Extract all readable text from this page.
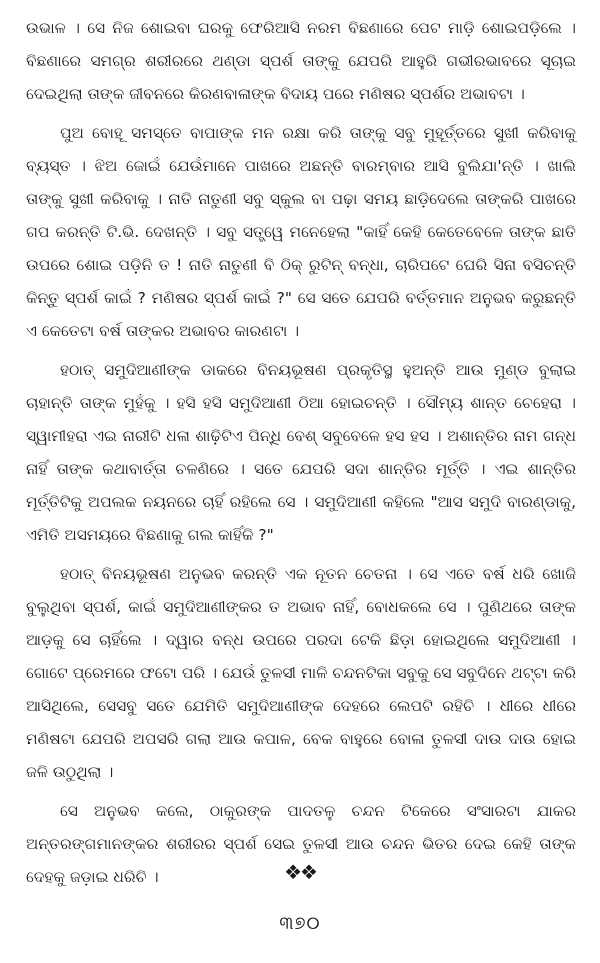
ଉଭାଳ । ସେ ନିଜ ଶୋଇବା ଘରକୁ ଫେରିଆସି ନରମ ବିଛଣାରେ ପେଟ ମାଡ଼ି ଶୋଇପଡ଼ିଲେ । ବିଛଣାରେ ସମଗ୍ର ଶରୀରରେ ଥଣ୍ଡା ସ୍ପର୍ଶ ତାଙ୍କୁ ଯେପରି ଆହୁରି ଗଭୀରଭାବରେ ସୂଚାଇ ଦେଇଥିଲା ତାଙ୍କ ଜୀବନରେ କିରଣବାଳାଙ୍କ ବିଦାୟ ପରେ ମଣିଷର ସ୍ପର୍ଶର ଅଭାବଟା ।

ପୁଅ ବୋହୂ ସମସ୍ତେ ବାପାଙ୍କ ମନ ରକ୍ଷା କରି ତାଙ୍କୁ ସବୁ ମୁହୂର୍ତ୍ତରେ ସୁଖୀ କରିବାକୁ ବ୍ୟସ୍ତ । ଝିଅ ଜୋଇଁ ଯେଉଁମାନେ ପାଖରେ ଅଛନ୍ତି ବାରମ୍ବାର ଆସି ବୁଲିଯା'ନ୍ତି । ଖାଲି ତାଙ୍କୁ ସୁଖୀ କରିବାକୁ । ନାତି ନାତୁଣୀ ସବୁ ସ୍କୁଲ ବା ପଢ଼ା ସମୟ ଛାଡ଼ିଦେଲେ ତାଙ୍କରି ପାଖରେ ଗପ କରନ୍ତି ଟି.ଭି. ଦେଖନ୍ତି । ସବୁ ସତ୍ତ୍ୱେ ମନେହେଲା "କାହିଁ କେହି କେତେବେଳେ ତାଙ୍କ ଛାତି ଉପରେ ଶୋଇ ପଡ଼ିନି ତ ! ନାତି ନାତୁଣୀ ବି ଠିକ୍ ରୁଟିନ୍ ବନ୍ଧା, ଚାରିପଟେ ଘେରି ସିନା ବସିଚନ୍ତି କିନ୍ତୁ ସ୍ପର୍ଶ କାଇଁ ? ମଣିଷର ସ୍ପର୍ଶ କାଇଁ ?" ସେ ସତେ ଯେପରି ବର୍ତ୍ତମାନ ଅନୁଭବ କରୁଛନ୍ତି ଏ କେତେଟା ବର୍ଷ ତାଙ୍କର ଅଭାବର କାରଣଟା ।

ହଠାତ୍ ସମୁଦିଆଣୀଙ୍କ ଡାକରେ ବିନୟଭୂଷଣ ପ୍ରକୃତିସ୍ଥ ହୁଅନ୍ତି ଆଉ ମୁଣ୍ଡ ବୁଲାଇ ଚାହାନ୍ତି ତାଙ୍କ ମୁହଁକୁ । ହସି ହସି ସମୁଦିଆଣୀ ଠିଆ ହୋଇଚନ୍ତି । ସୌମ୍ୟ ଶାନ୍ତ ଚେହେରା । ସ୍ୱାମୀହରା ଏଇ ନାରୀଟି ଧଳା ଶାଢ଼ିଟିଏ ପିନ୍ଧି ବେଶ୍ ସବୁବେଳେ ହସ ହସ । ଅଶାନ୍ତିର ନାମ ଗନ୍ଧ ନାହିଁ ତାଙ୍କ କଥାବାର୍ତ୍ତା ଚଳଣିରେ । ସତେ ଯେପରି ସଦା ଶାନ୍ତିର ମୂର୍ତ୍ତି । ଏଇ ଶାନ୍ତିର ମୂର୍ତ୍ତିଟିକୁ ଅପଲକ ନୟନରେ ଚାହିଁ ରହିଲେ ସେ । ସମୁଦିଆଣୀ କହିଲେ "ଆସ ସମୁଦି ବାରଣ୍ଡାକୁ, ଏମିତି ଅସମୟରେ ବିଛଣାକୁ ଗଲ କାହିଁକି ?"

ହଠାତ୍ ବିନୟଭୂଷଣ ଅନୁଭବ କରନ୍ତି ଏକ ନୂତନ ଚେତନା । ସେ ଏତେ ବର୍ଷ ଧରି ଖୋଜି ବୁଲୁଥିବା ସ୍ପର୍ଶ, କାଇଁ ସମୁଦିଆଣୀଙ୍କର ତ ଅଭାବ ନାହିଁ, ବୋଧକଲେ ସେ । ପୁଣିଥରେ ତାଙ୍କ ଆଡ଼କୁ ସେ ଚାହିଁଲେ । ଦ୍ୱାର ବନ୍ଧ ଉପରେ ପରଦା ଟେକି ଛିଡ଼ା ହୋଇଥିଲେ ସମୁଦିଆଣୀ । ଗୋଟେ ପ୍ରେମରେ ଫଟୋ ପରି । ଯେଉଁ ତୁଳସୀ ମାଳି ଚନ୍ଦନଟିକା ସବୁକୁ ସେ ସବୁଦିନେ ଥଟ୍ଟା କରି ଆସିଥିଲେ, ସେସବୁ ସତେ ଯେମିତି ସମୁଦିଆଣୀଙ୍କ ଦେହରେ ଲେପଟି ରହିଚି । ଧୀରେ ଧୀରେ ମଣିଷଟା ଯେପରି ଅପସରି ଗଲା ଆଉ କପାଳ, ବେକ ବାହୁରେ ବୋଳା ତୁଳସୀ ଦାଉ ଦାଉ ହୋଇ ଜଳି ଉଠୁଥିଲା ।

ସେ ଅନୁଭବ କଲେ, ଠାକୁରଙ୍କ ପାଦତଳୁ ଚନ୍ଦନ ଟିକେରେ ସଂସାରଟା ଯାକର ଅନ୍ତରଙ୍ଗମାନଙ୍କର ଶରୀରର ସ୍ପର୍ଶ ସେଇ ତୁଳସୀ ଆଉ ଚନ୍ଦନ ଭିତର ଦେଇ କେହି ତାଙ୍କ ଦେହକୁ ଜଡ଼ାଇ ଧରିଚି ।	❖❖
୩୭୦
